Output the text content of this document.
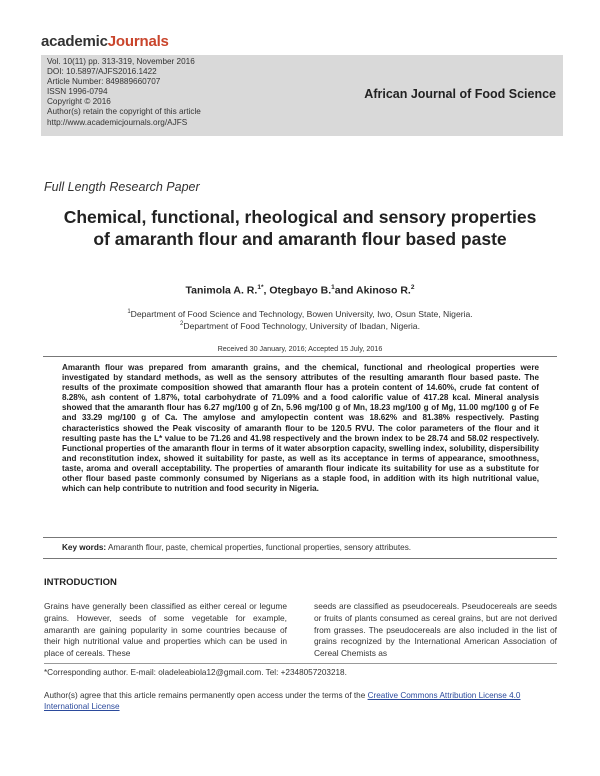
academicJournals
Vol. 10(11) pp. 313-319, November 2016
DOI: 10.5897/AJFS2016.1422
Article Number: 849889660707
ISSN 1996-0794
Copyright © 2016
Author(s) retain the copyright of this article
http://www.academicjournals.org/AJFS
African Journal of Food Science
Full Length Research Paper
Chemical, functional, rheological and sensory properties of amaranth flour and amaranth flour based paste
Tanimola A. R.$^{1*}$, Otegbayo B.$^1$and Akinoso R.$^2$
$^1$Department of Food Science and Technology, Bowen University, Iwo, Osun State, Nigeria.
$^2$Department of Food Technology, University of Ibadan, Nigeria.
Received 30 January, 2016; Accepted 15 July, 2016
Amaranth flour was prepared from amaranth grains, and the chemical, functional and rheological properties were investigated by standard methods, as well as the sensory attributes of the resulting amaranth flour based paste. The results of the proximate composition showed that amaranth flour has a protein content of 14.60%, crude fat content of 8.28%, ash content of 1.87%, total carbohydrate of 71.09% and a food calorific value of 417.28 kcal. Mineral analysis showed that the amaranth flour has 6.27 mg/100 g of Zn, 5.96 mg/100 g of Mn, 18.23 mg/100 g of Mg, 11.00 mg/100 g of Fe and 33.29 mg/100 g of Ca. The amylose and amylopectin content was 18.62% and 81.38% respectively. Pasting characteristics showed the Peak viscosity of amaranth flour to be 120.5 RVU. The color parameters of the flour and it resulting paste has the L* value to be 71.26 and 41.98 respectively and the brown index to be 28.74 and 58.02 respectively. Functional properties of the amaranth flour in terms of it water absorption capacity, swelling index, solubility, dispersibility and reconstitution index, showed it suitability for paste, as well as its acceptance in terms of appearance, smoothness, taste, aroma and overall acceptability. The properties of amaranth flour indicate its suitability for use as a substitute for other flour based paste commonly consumed by Nigerians as a staple food, in addition with its high nutritional value, which can help contribute to nutrition and food security in Nigeria.
Key words: Amaranth flour, paste, chemical properties, functional properties, sensory attributes.
INTRODUCTION
Grains have generally been classified as either cereal or legume grains. However, seeds of some vegetable for example, amaranth are gaining popularity in some countries because of their high nutritional value and properties which can be used in place of cereals. These
seeds are classified as pseudocereals. Pseudocereals are seeds or fruits of plants consumed as cereal grains, but are not derived from grasses. The pseudocereals are also included in the list of grains recognized by the International American Association of Cereal Chemists as
*Corresponding author. E-mail: oladeleabiola12@gmail.com. Tel: +2348057203218.
Author(s) agree that this article remains permanently open access under the terms of the Creative Commons Attribution License 4.0 International License
